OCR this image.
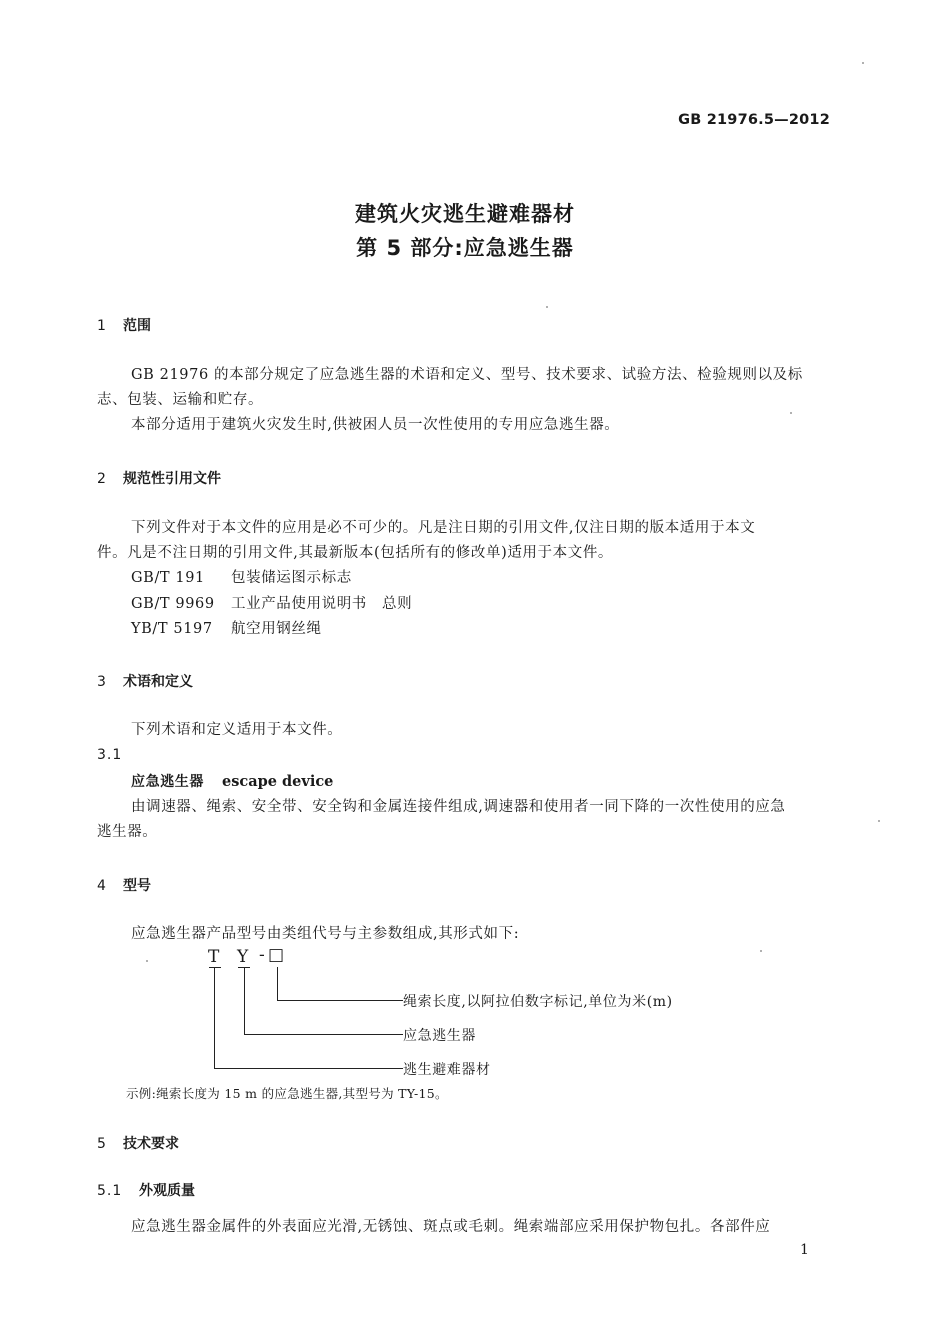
GB 21976.5—2012
建筑火灾逃生避难器材
第 5 部分:应急逃生器
1 范围
GB 21976 的本部分规定了应急逃生器的术语和定义、型号、技术要求、试验方法、检验规则以及标
志、包装、运输和贮存。
本部分适用于建筑火灾发生时,供被困人员一次性使用的专用应急逃生器。
2 规范性引用文件
下列文件对于本文件的应用是必不可少的。凡是注日期的引用文件,仅注日期的版本适用于本文
件。凡是不注日期的引用文件,其最新版本(包括所有的修改单)适用于本文件。
GB/T 191 包装储运图示标志
GB/T 9969 工业产品使用说明书　总则
YB/T 5197 航空用钢丝绳
3 术语和定义
下列术语和定义适用于本文件。
3.1
应急逃生器 escape device
由调速器、绳索、安全带、安全钩和金属连接件组成,调速器和使用者一同下降的一次性使用的应急
逃生器。
4 型号
应急逃生器产品型号由类组代号与主参数组成,其形式如下:
T Y - □
绳索长度,以阿拉伯数字标记,单位为米(m)
应急逃生器
逃生避难器材
示例:绳索长度为 15 m 的应急逃生器,其型号为 TY-15。
5 技术要求
5.1 外观质量
应急逃生器金属件的外表面应光滑,无锈蚀、斑点或毛刺。绳索端部应采用保护物包扎。各部件应
1
